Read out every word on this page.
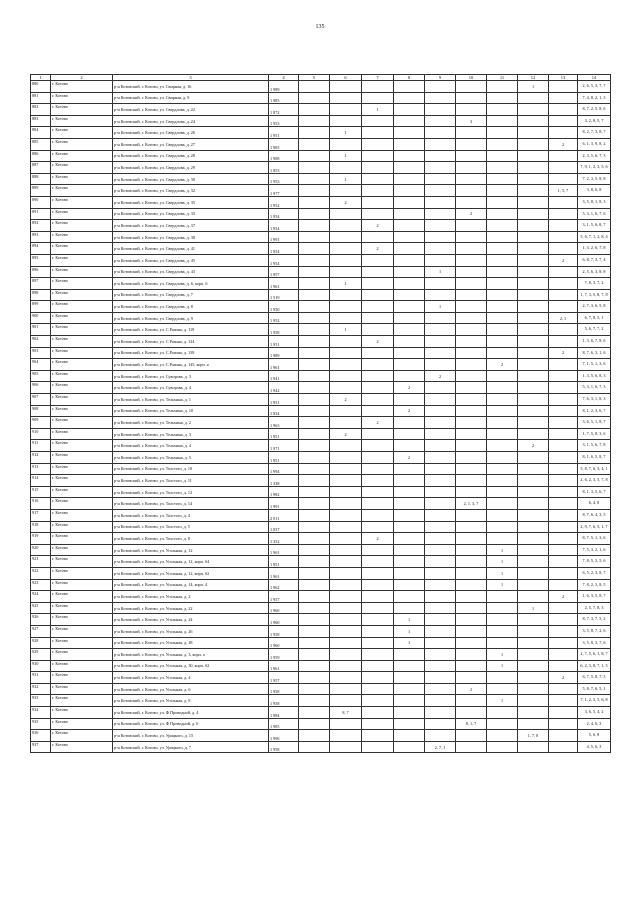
135
1	2	3	4	5	6	7	8	9	10	11	12	13	14
880	г. Котово	р-н Котовский, г. Котово, ул. Свирная, д. 16	1 989								1		2, 6, 5, 3, 7, 7
881	г. Котово	р-н Котовский, г. Котово, ул. Свирная, д. 9	1 985										7, 4, 8, 2, 1, 3
882	г. Котово	р-н Котовский, г. Котово, ул. Свердлова, д. 22	1 872			1							8, 7, 2, 5, 8, 6
883	г. Котово	р-н Котовский, г. Котово, ул. Свердлова, д. 24	1 953						3				3, 2, 8, 5, 7
884	г. Котово	р-н Котовский, г. Котово, ул. Свердлова, д. 26	1 951		1								8, 2, 7, 3, 8, 7
885	г. Котово	р-н Котовский, г. Котово, ул. Свердлова, д. 27	1 985									2	6, 1, 3, 9, 8, 2
886	г. Котово	р-н Котовский, г. Котово, ул. Свердлова, д. 28	1 988		1								2, 3, 5, 6, 7, 3
887	г. Котово	р-н Котовский, г. Котово, ул. Свердлова, д. 29	1 853										7, 9, 1, 2, 3, 5, 6
888	г. Котово	р-н Котовский, г. Котово, ул. Свердлова, д. 30	1 953		1								7, 2, 3, 5, 8, 8
889	г. Котово	р-н Котовский, г. Котово, ул. Свердлова, д. 32	1 977									1, 5, 7	3, 8, 6, 8
890	г. Котово	р-н Котовский, г. Котово, ул. Свердлова, д. 35	1 952		2								3, 5, 8, 1, 8, 3
891	г. Котово	р-н Котовский, г. Котово, ул. Свердлова, д. 33	1 954						2				5, 3, 1, 6, 7, 6
892	г. Котово	р-н Котовский, г. Котово, ул. Свердлова, д. 37	1 954			2							3, 1, 5, 6, 8, 7
893	г. Котово	р-н Котовский, г. Котово, ул. Свердлова, д. 38	1 991										5, 6, 7, 1, 2, 8, 4
894	г. Котово	р-н Котовский, г. Котово, ул. Свердлова, д. 41	1 954			2							1, 3, 2, 6, 7, 8
895	г. Котово	р-н Котовский, г. Котово, ул. Свердлова, д. 45	1 954									2	6, 8, 7, 3, 7, 4
896	г. Котово	р-н Котовский, г. Котово, ул. Свердлова, д. 43	1 957					1					2, 5, 6, 3, 8, 8
897	г. Котово	р-н Котовский, г. Котово, ул. Свердлова, д. 6, корп. 6	1 961		1								7, 8, 3, 7, 2
898	г. Котово	р-н Котовский, г. Котово, ул. Свердлова, д. 7	1 519										1, 7, 3, 5, 8, 7, 8
899	г. Котово	р-н Котовский, г. Котово, ул. Свердлова, д. 8	1 950					1					2, 7, 3, 6, 5, 8
900	г. Котово	р-н Котовский, г. Котово, ул. Свердлова, д. 9	1 952									2, 1	6, 7, 8, 5, 1
901	г. Котово	р-н Котовский, г. Котово, ул. С.Разина, д. 119	1 958		1								5, 6, 7, 7, 2
902	г. Котово	р-н Котовский, г. Котово, ул. С.Разина, д. 124	1 951			2							1, 3, 6, 7, 8, 6
903	г. Котово	р-н Котовский, г. Котово, ул. С.Разина, д. 138	1 989									2	8, 7, 6, 3, 1, 6
904	г. Котово	р-н Котовский, г. Котово, ул. С.Разина, д. 145, корп. а	1 961							2			7, 1, 5, 1, 3, 6
905	г. Котово	р-н Котовский, г. Котово, ул. Суворова, д. 3	1 941					2					1, 3, 5, 6, 8, 3
906	г. Котово	р-н Котовский, г. Котово, ул. Суворова, д. 4	1 942				2						5, 3, 1, 6, 7, 3
907	г. Котово	р-н Котовский, г. Котово, ул. Тельмана, д. 1	1 951		2								7, 6, 3, 1, 8, 3
908	г. Котово	р-н Котовский, г. Котово, ул. Тельмана, д. 10	1 834				2						8, 1, 2, 3, 6, 7
909	г. Котово	р-н Котовский, г. Котово, ул. Тельмана, д. 2	1 963			2							3, 6, 5, 1, 8, 7
910	г. Котово	р-н Котовский, г. Котово, ул. Тельмана, д. 3	1 951		2								1, 7, 5, 8, 3, 6
911	г. Котово	р-н Котовский, г. Котово, ул. Тельмана, д. 4	1 971								2		3, 1, 5, 6, 7, 8
912	г. Котово	р-н Котовский, г. Котово, ул. Тельмана, д. 5	1 951				2						8, 1, 6, 5, 8, 7
913	г. Котово	р-н Котовский, г. Котово, ул. Толстого, д. 10	1 994										5, 8, 7, 6, 3, 4, 1
914	г. Котово	р-н Котовский, г. Котово, ул. Толстого, д. 11	1 338										2, 6, 2, 3, 5, 7, 8
915	г. Котово	р-н Котовский, г. Котово, ул. Толстого, д. 12	1 982										8, 1, 3, 5, 6, 7
916	г. Котово	р-н Котовский, г. Котово, ул. Толстого, д. 14	1 991						2, 1, 3, 7				6, 4, 8
917	г. Котово	р-н Котовский, г. Котово, ул. Толстого, д. 4	2 011										8, 7, 6, 4, 3, 5
918	г. Котово	р-н Котовский, г. Котово, ул. Толстого, д. 5	1 837										2, 9, 7, 6, 5, 1, 7
919	г. Котово	р-н Котовский, г. Котово, ул. Толстого, д. 8	1 352			2							8, 7, 5, 1, 3, 6
920	г. Котово	р-н Котовский, г. Котово, ул. Угольная, д. 12	1 961							1			7, 5, 3, 2, 1, 6
921	г. Котово	р-н Котовский, г. Котово, ул. Угольная, д. 12, корп. б4	1 951							1			7, 8, 5, 3, 5, 6
922	г. Котово	р-н Котовский, г. Котово, ул. Угольная, д. 12, корп. б2	1 961							1			6, 5, 2, 3, 8, 7
923	г. Котово	р-н Котовский, г. Котово, ул. Угольная, д. 14, корп. 4	1 962							1			7, 8, 2, 3, 8, 5
924	г. Котово	р-н Котовский, г. Котово, ул. Угольная, д. 2	1 957									2	1, 6, 3, 5, 8, 7
925	г. Котово	р-н Котовский, г. Котово, ул. Угольная, д. 22	1 960								1		2, 5, 7, 8, 3
926	г. Котово	р-н Котовский, г. Котово, ул. Угольная, д. 24	1 960				1						8, 7, 3, 7, 5, 2
927	г. Котово	р-н Котовский, г. Котово, ул. Угольная, д. 26	1 958				1						3, 5, 8, 7, 2, 6
928	г. Котово	р-н Котовский, г. Котово, ул. Угольная, д. 28	1 960				1						3, 5, 8, 3, 7, 6
929	г. Котово	р-н Котовский, г. Котово, ул. Угольная, д. 3, корп. а	1 959							1			2, 7, 5, 6, 1, 8, 7
930	г. Котово	р-н Котовский, г. Котово, ул. Угольная, д. 30, корп. б2	1 961							1			6, 2, 3, 8, 7, 1, 5
931	г. Котово	р-н Котовский, г. Котово, ул. Угольная, д. 4	1 957									2	6, 7, 5, 8, 7, 3
932	г. Котово	р-н Котовский, г. Котово, ул. Угольная, д. 6	1 958						2				5, 8, 7, 6, 5, 1
933	г. Котово	р-н Котовский, г. Котово, ул. Угольная, д. 8	1 958							1			7, 1, 2, 3, 5, 6, 8
934	г. Котово	р-н Котовский, г. Котово, ул. Ф.Проводной, д. 4	1 984		8, 7								3, 6, 5, 4, 2
935	г. Котово	р-н Котовский, г. Котово, ул. Ф.Проводной, д. 6	1 985						8, 1, 7				2, 4, 6, 3
936	г. Котово	р-н Котовский, г. Котово, ул. Урицкого, д. 15	1 996								1, 7, 8		5, 6, 8
937	г. Котово	р-н Котовский, г. Котово, ул. Урицкого, д. 7	1 958					2, 7, 1					4, 5, 6, 3
